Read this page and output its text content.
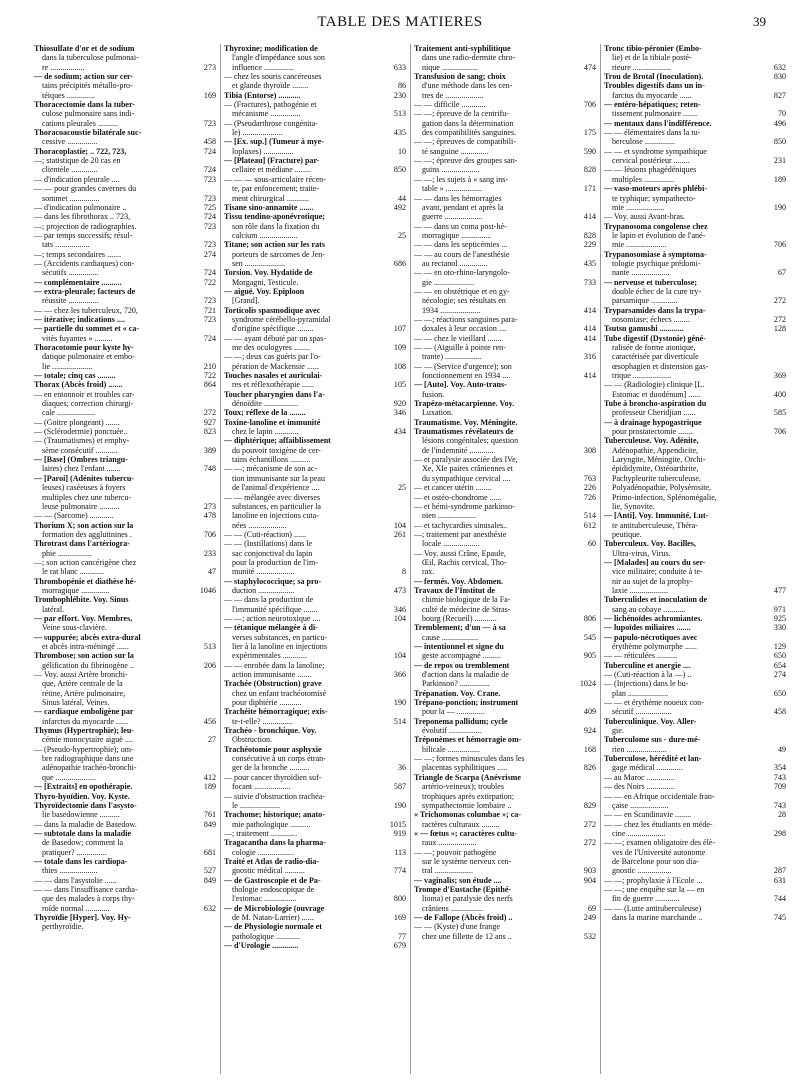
TABLE DES MATIERES	39
Thiosulfate d'or et de sodium
dans la tuberculose pulmonai-
re .................	273
— de sodium; action sur cer-
tains précipités métallo-pro-
téiques ..............	169
Thoracectomie dans la tuber-
culose pulmonaire sans indi-
cations pleurales ..........	723
Thoracoacoustie bilatérale suc-
cessive ...............	458
Thoracoplastie; .. 722, 723,	724
—; statistique de 20 cas en
clientèle .............	724
— d'indication pleurale ....	723
— — pour grandes cavernes du
sommet ...............	723
— d'indication pulmonaire ..	725
— dans les fibrothorax .. 723,	724
—; projection de radiographies.	723
— par temps successifs; résul-
tats .................	723
—; temps secondaires .......	274
— (Accidents cardiaques) con-
sécutifs ...............	724
— complémentaire ..........	722
— extra-pleurale; facteurs de
réussite ...............	723
— — chez les tuberculeux, 720,	721
— itérative; indications ....	723
— partielle du sommet et « ca-
vités fuyantes » .........	724
Thoracotomie pour kyste hy-
datique pulmonaire et embo-
lie ....................	210
— totale; cinq cas .........	722
Thorax (Abcès froid) .......	864
— en entonnoir et troubles car-
diaques; correction chirurgi-
cale ...................	272
— (Goitre plongeant) .......	927
— (Sclérodermie) ponctuée..	823
— (Traumatismes) et emphy-
sème consécutif ...........	389
— [Base] (Ombres triangu-
laires) chez l'enfant .......	748
— [Paroi] (Adénites tubercu-
leuses) caséeuses à foyers
multiples chez une tubercu-
leuse pulmonaire ..........	273
— — (Sarcome) ............	478
Thorium X; son action sur la
formation des agglutinines .	706
Throtrast dans l'artériogra-
phie .................	233
—; son action cancérigène chez
le rat blanc ............	47
Thrombopénie et diathèse hé-
morragique ..............	1046
Trombophlébite. Voy. Sinus
latéral.
— par effort. Voy. Membres,
Veine sous-clavière.
— suppurée; abcès extra-dural
et abcès intra-méningé ......	513
Thrombose; son action sur la
gélification du fibrinogène ..	206
— Voy. aussi Artère bronchi-
que, Artère centrale de la
rétine, Artère pulmonaire,
Sinus latéral, Veines.
— cardiaque emboligène par
infarctus du myocarde ......	456
Thymus (Hypertrophie); leu-
cémie monocytaire aiguë ....	27
— (Pseudo-hypertrophie); om-
bre radiographique dans une
adénopathie trachéo-bronchi-
que ....................	412
— [Extraits] en opothérapie.	189
Thyro-hyoïdien. Voy. Kyste.
Thyroïdectomie dans l'asysto-
lie basedowienne ..........	761
— dans la maladie de Basedow.	849
— subtotale dans la maladie
de Basedow; comment la
pratiquer? ...............	681
— totale dans les cardiopa-
thies ...................	527
— — dans l'asystolie ......	849
— — dans l'insuffisance cardia-
que des malades à corps thy-
roïde normal ............	632
Thyroïdie [Hyper]. Voy. Hy-
perthyroïdie.
Thyroxine; modification de
l'angle d'impédance sous son
influence ...............	633
— chez les souris cancéreuses
et glande thyroïde ........	86
Tibia (Entorse) ...........	230
— (Fractures), pathogénie et
mécanisme ...............	513
— (Pseudarthrose congénita-
le) ....................	435
— [Ex. sup.] (Tumeur à mye-
loplaxes) ...............	10
— [Plateau] (Fracture) par-
cellaire et médiane ........	850
— — — sous-articulaire récen-
te, par enfoncement; traite-
ment chirurgical ...........	44
Tisane sino-annamite .......	492
Tissu tendino-aponévrotique;
son rôle dans la fixation du
calcium ...................	25
Titane; son action sur les rats
porteurs de sarcomes de Jen-
sen ....................	686
Torsion. Voy. Hydatide de
Morgagni, Testicule.
— aiguë. Voy. Epiploon
[Grand].
Torticolis spasmodique avec
syndrome cérébello-pyramidal
d'origine spécifique ........	107
— — ayant débuté par un spas-
me des oculogyres ........	109
— —; deux cas guéris par l'o-
pération de Mackensie ......	108
Touches nasales et auriculai-
res et réflexothérapie ......	105
Toucher pharyngien dans l'a-
dénoïdite .................	920
Toux; réflexe de la ........	346
Toxine-lanoline et immunité
chez le lapin ............	434
— diphtérique; affaiblissement
du pouvoir toxigène de cer-
tains échantillons ..........
— —; mécanisme de son ac-
tion immunisante sur la peau
de l'animal d'expérience ....	25
— — mélangée avec diverses
substances, en particulier la
lanoline en injections cuta-
nées ...................	104
— — (Cuti-réaction) ......	261
— — (Instillations) dans le
sac conjonctival du lapin
pour la production de l'im-
munité ...................	8
— staphylococcique; sa pro-
duction ..................	473
— — dans la production de
l'immunité spécifique .......	346
— —; action neurotoxique ....	104
— tétanique mélangée à di-
verses substances, en particu-
lier à la lanoline en injections
expérimentales ............	104
— — enrobée dans la lanoline;
action immunisante .......	366
Trachée (Obstruction) grave
chez un enfant trachéotomisé
pour diphtérie ...........	190
Trachéite hémorragique; exis-
te-t-elle? ...............	514
Trachéo - bronchique. Voy.
Obstruction.
Trachéotomie pour asphyxie
consécutive à un corps étran-
ger de la bronche ..........	36
— pour cancer thyroïdien suf-
focant ..................	587
— suivie d'obstruction trachéa-
le ....................	190
Trachome; historique; anato-
mie pathologique ..........	1015
—; traitement .............	919
Tragacantha dans la pharma-
cologie ..................	113
Traité et Atlas de radio-dia-
gnostic médical ..........	774
— de Gastroscopie et de Pa-
thologie endoscopique de
l'estomac ................	800
— de Microbiologie (ouvrage
de M. Natan-Larrier) ......	169
— de Physiologie normale et
pathologique ............	77
— d'Urologie .............	679
Traitement anti-syphilitique
dans une radio-dermite chro-
nique ..................	474
Transfusion de sang; choix
d'une méthode dans les cen-
tres de ...................
— — difficile ............	706
— —; épreuve de la centrifu-
gation dans la détermination
des compatibilités sanguines.	175
— —; épreuves de compatibili-
té sanguine ..............	590
— —; épreuve des groupes san-
guins ...................	828
— —; les sujets à « sang ins-
table » ..................	171
— — dans les hémorragies
avant, pendant et après la
guerre ...................	414
— — dans un coma post-hé-
morragique ...............	828
— — dans les septicémies ...	229
— — au cours de l'anesthésie
au rectanol ..............	435
— — en oto-rhino-laryngolo-
gie ....................	733
— — en obstétrique et en gy-
nécologie; ses résultats en
1934 ....................	414
— —; réactions sanguines para-
doxales à leur occasion ....	414
— — chez le vieillard .......	414
— — (Aiguille à pointe ren-
trante) ..................	316
— — (Service d'urgence); son
fonctionnement en 1934 ....	414
— [Auto]. Voy. Auto-trans-
fusion.
Trapézo-métacarpienne. Voy.
Luxation.
Traumatisme. Voy. Méningite.
Traumatismes révélateurs de
lésions congénitales; question
de l'indemnité ............	308
— et paralysie associée des IVe,
Xe, XIe paires crâniennes et
du sympathique cervical ....	763
— et cancer utérin ........	226
— et ostéo-chondrome ......	726
— et hémi-syndrome parkinso-
nien ...................	514
— et tachycardies sinusales..	612
—; traitement par anesthésie
locale ..................	60
— Voy. aussi Crâne, Epaule,
Œil, Rachis cervical, Tho-
rax.
— fermés. Voy. Abdomen.
Travaux de l'Institut de
chimie biologique de la Fa-
culté de médecine de Stras-
bourg (Recueil) ...........	806
Tremblement; d'un — à sa
cause ..................	545
— intentionnel et signe du
geste accompagné .........	905
— de repos ou tremblement
d'action dans la maladie de
Parkinson? ...............	1024
Trépanation. Voy. Crane.
Trépano-ponction; instrument
pour la — ..............	409
Treponema pallidum; cycle
évolutif ................	924
Tréponèmes et hémorragie om-
bilicale ................	168
— —; formes minuscules dans les
placentas syphilitiques .....	826
Triangle de Scarpa (Anévrisme
artério-veineux); troubles
trophiques après extirpation;
sympathectomie lombaire ..	829
« Trichomonas columbae »; ca-
ractères culturaux .........	272
« — fœtus »; caractères cultu-
raux ...................	272
— —; pouvoir pathogène
sur le système nerveux cen-
tral ...................	903
— vaginalis; son étude ....	904
Trompe d'Eustache (Epithé-
lioma) et paralysie des nerfs
crâniens ................	69
— de Fallope (Abcès froid) ..	249
— — (Kyste) d'une frange
chez une fillette de 12 ans ..	532
Tronc tibio-péronier (Embo-
lie) et de la tibiale posté-
rieure ...................	632
Trou de Brotal (Inoculation).	830
Troubles digestifs dans un in-
farctus du myocarde ......	827
— entéro-hépatiques; reten-
tissement pulmonaire .......	70
— mentaux dans l'indifférence.	496
— — élémentaires dans la tu-
berculose ...............	850
— — et syndrome sympathique
cervical postérieur ........	231
— — lésions phagédéniques
multiples ...............	189
— vaso-moteurs après phlébi-
te typhique; sympathecto-
mie ...................	190
— Voy. aussi Avant-bras.
Trypanosoma congolense chez
le lapin et évolution de l'ané-
mie ....................	706
Trypanosomiase à symptoma-
tologie psychique prédomi-
nante ...................	67
— nerveuse et tuberculose;
double échec de la cure try-
parsamique .............	272
Tryparsamides dans la trypa-
nosomiase; échecs ........	272
Tsutsu gamushi ............	128
Tube digestif (Dystonie) géné-
ralisée de forme atonique,
caractérisée par diverticule
œsophagien et distension gas-
trique ...................	369
— — (Radiologie) clinique [L.
Estomac et duodénum] ......	400
Tube à broncho-aspiration du
professeur Cheridjian ......	585
— à drainage hypogastrique
pour prostatectomie .......	706
Tuberculeuse. Voy. Adénite,
Adénopathie, Appendicite,
Laryngite, Méningite, Orchi-
épididymite, Ostéoarthrite,
Pachypleurite tuberculeuse,
Polyadénopathie, Polysérosite,
Primo-infection, Splénomégalie,
lie, Synovite.
— [Anti]. Voy. Immunité, Lut-
te antituberculeuse, Théra-
peutique.
Tuberculeux. Voy. Bacilles,
Ultra-virus, Virus.
— [Malades] au cours du ser-
vice militaire; conduite à te-
nir au sujet de la prophy-
laxie ...................	477
Tuberculides et inoculation de
sang au cobaye ...........	971
— lichénoïdes achromiantes.	925
— lupoïdes miliaires .......	330
— papulo-nécrotiques avec
érythème polymorphe ......	129
— — réticulées ..........	650
Tuberculine et anergie ....	654
— (Cuti-réaction à la —) ..	274
— (Injections) dans le bu-
plan ....................	650
— — et érythème noueux con-
sécutif ..................	458
Tuberculinique. Voy. Aller-
gie.
Tuberculome sus - dure-mé-
rien ....................	49
Tuberculose, hérédité et lan-
gage médical .............	354
— au Maroc ..............	743
— des Noirs ..............	709
— — en Afrique occidentale fran-
çaise ...................	743
— — en Scandinavie ........	28
— — chez les étudiants en méde-
cine ...................	298
— —; examen obligatoire des élè-
ves de l'Université autonome
de Barcelone pour son dia-
gnostic .................	287
— —; prophylaxie à l'Ecole ...	631
— —; une enquête sur la — en
fin de guerre ............	744
— — (Lutte antituberculeuse)
dans la marine marchande ..	745
